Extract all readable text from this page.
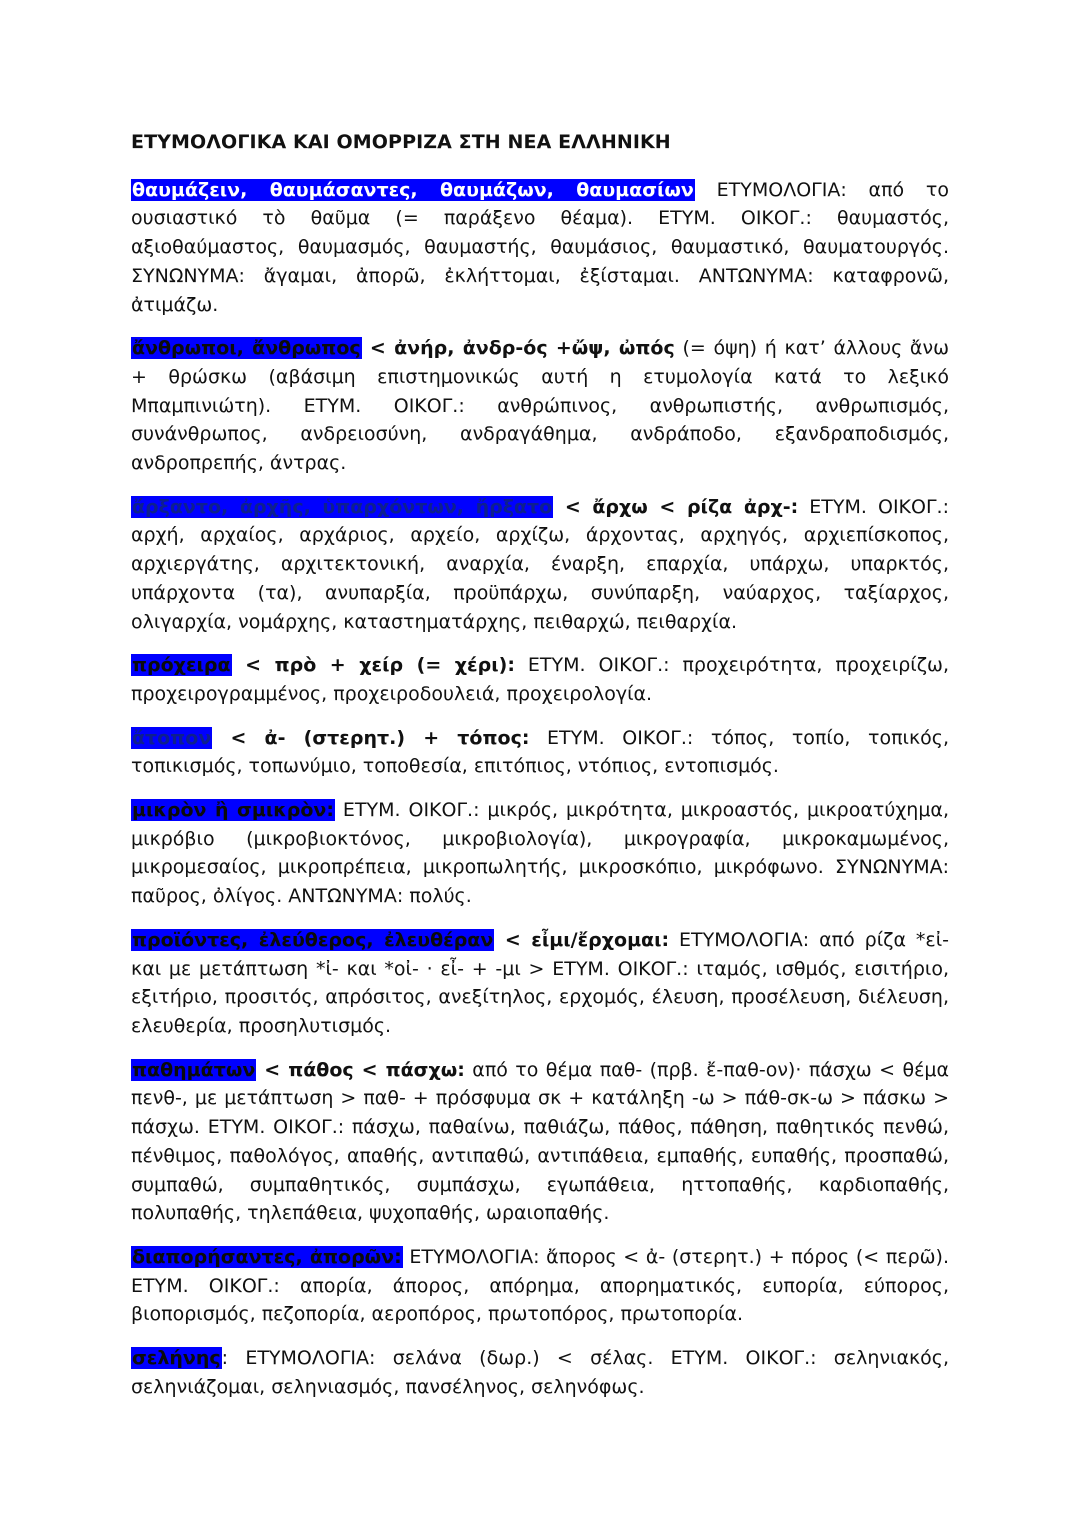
ΕΤΥΜΟΛΟΓΙΚΑ ΚΑΙ ΟΜΟΡΡΙΖΑ ΣΤΗ ΝΕΑ ΕΛΛΗΝΙΚΗ

θαυμάζειν, θαυμάσαντες, θαυμάζων, θαυμασίων ΕΤΥΜΟΛΟΓΙΑ: από το ουσιαστικό τὸ θαῦμα (= παράξενο θέαμα). ΕΤΥΜ. ΟΙΚΟΓ.: θαυμαστός, αξιοθαύμαστος, θαυμασμός, θαυμαστής, θαυμάσιος, θαυμαστικό, θαυματουργός. ΣΥΝΩΝΥΜΑ: ἄγαμαι, ἀπορῶ, ἐκλήττομαι, ἐξίσταμαι. ΑΝΤΩΝΥΜΑ: καταφρονῶ, ἀτιμάζω.

ἄνθρωποι, ἄνθρωπος < ἀνήρ, ἀνδρ-ός +ὤψ, ὠπός (= όψη) ή κατ’ άλλους ἄνω + θρώσκω (αβάσιμη επιστημονικώς αυτή η ετυμολογία κατά το λεξικό Μπαμπινιώτη). ΕΤΥΜ. ΟΙΚΟΓ.: ανθρώπινος, ανθρωπιστής, ανθρωπισμός, συνάνθρωπος, ανδρειοσύνη, ανδραγάθημα, ανδράποδο, εξανδραποδισμός, ανδροπρεπής, άντρας.

ἄρξαντο, ἀρχῆς, ὑπαρχόντων, ἤρξατο < ἄρχω < ρίζα ἀρχ-: ΕΤΥΜ. ΟΙΚΟΓ.: αρχή, αρχαίος, αρχάριος, αρχείο, αρχίζω, άρχοντας, αρχηγός, αρχιεπίσκοπος, αρχιεργάτης, αρχιτεκτονική, αναρχία, έναρξη, επαρχία, υπάρχω, υπαρκτός, υπάρχοντα (τα), ανυπαρξία, προϋπάρχω, συνύπαρξη, ναύαρχος, ταξίαρχος, ολιγαρχία, νομάρχης, καταστηματάρχης, πειθαρχώ, πειθαρχία.

πρόχειρα < πρὸ + χείρ (= χέρι): ΕΤΥΜ. ΟΙΚΟΓ.: προχειρότητα, προχειρίζω, προχειρογραμμένος, προχειροδουλειά, προχειρολογία.

ἄτοπον < ἀ- (στερητ.) + τόπος: ΕΤΥΜ. ΟΙΚΟΓ.: τόπος, τοπίο, τοπικός, τοπικισμός, τοπωνύμιο, τοποθεσία, επιτόπιος, ντόπιος, εντοπισμός.

μικρὸν ἢ σμικρὸν: ΕΤΥΜ. ΟΙΚΟΓ.: μικρός, μικρότητα, μικροαστός, μικροατύχημα, μικρόβιο (μικροβιοκτόνος, μικροβιολογία), μικρογραφία, μικροκαμωμένος, μικρομεσαίος, μικροπρέπεια, μικροπωλητής, μικροσκόπιο, μικρόφωνο. ΣΥΝΩΝΥΜΑ: παῦρος, ὀλίγος. ΑΝΤΩΝΥΜΑ: πολύς.

προϊόντες, ἐλεύθερος, ἐλευθέραν < εἶμι/ἔρχομαι: ΕΤΥΜΟΛΟΓΙΑ: από ρίζα *εἰ- και με μετάπτωση *ἰ- και *οἰ- · εἶ- + -μι > ΕΤΥΜ. ΟΙΚΟΓ.: ιταμός, ισθμός, εισιτήριο, εξιτήριο, προσιτός, απρόσιτος, ανεξίτηλος, ερχομός, έλευση, προσέλευση, διέλευση, ελευθερία, προσηλυτισμός.

παθημάτων < πάθος < πάσχω: από το θέμα παθ- (πρβ. ἔ-παθ-ον)· πάσχω < θέμα πενθ-, με μετάπτωση > παθ- + πρόσφυμα σκ + κατάληξη -ω > πάθ-σκ-ω > πάσκω > πάσχω. ΕΤΥΜ. ΟΙΚΟΓ.: πάσχω, παθαίνω, παθιάζω, πάθος, πάθηση, παθητικός πενθώ, πένθιμος, παθολόγος, απαθής, αντιπαθώ, αντιπάθεια, εμπαθής, ευπαθής, προσπαθώ, συμπαθώ, συμπαθητικός, συμπάσχω, εγωπάθεια, ηττοπαθής, καρδιοπαθής, πολυπαθής, τηλεπάθεια, ψυχοπαθής, ωραιοπαθής.

διαπορήσαντες, ἀπορῶν: ΕΤΥΜΟΛΟΓΙΑ: ἄπορος < ἀ- (στερητ.) + πόρος (< περῶ). ΕΤΥΜ. ΟΙΚΟΓ.: απορία, άπορος, απόρημα, απορηματικός, ευπορία, εύπορος, βιοπορισμός, πεζοπορία, αεροπόρος, πρωτοπόρος, πρωτοπορία.

σελήνης: ΕΤΥΜΟΛΟΓΙΑ: σελάνα (δωρ.) < σέλας. ΕΤΥΜ. ΟΙΚΟΓ.: σεληνιακός, σεληνιάζομαι, σεληνιασμός, πανσέληνος, σεληνόφως.
